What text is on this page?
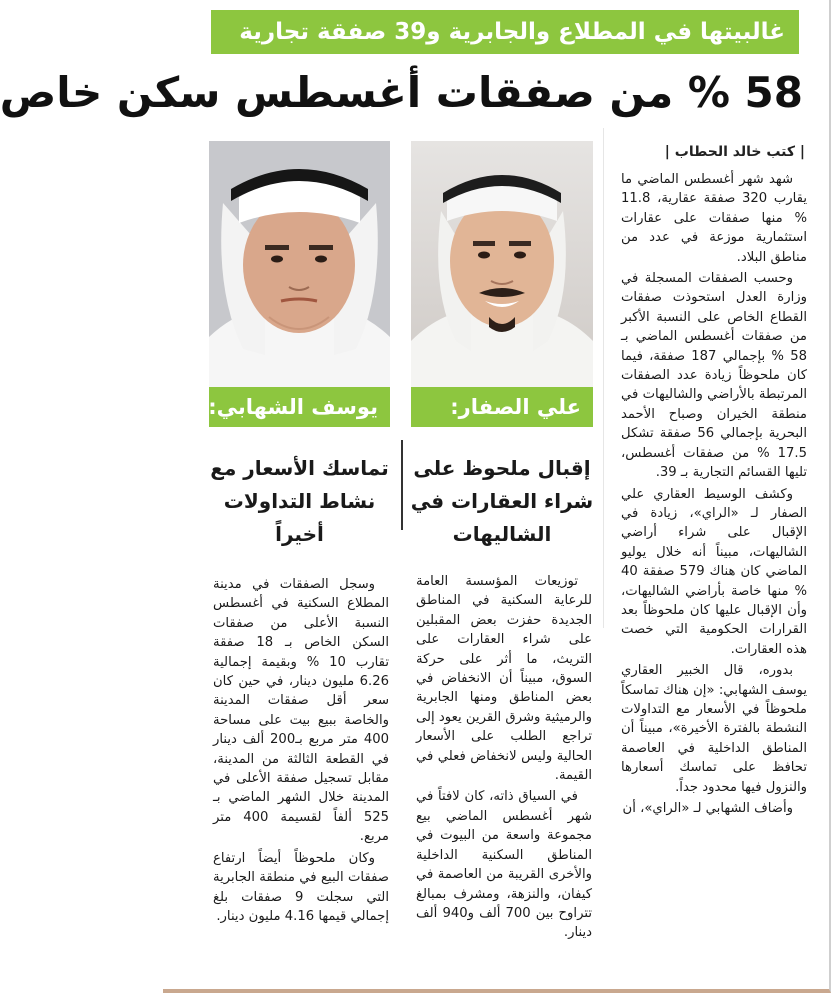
غالبيتها في المطلاع والجابرية و39 صفقة تجارية
58 % من صفقات أغسطس سكن خاص
| كتب خالد الحطاب |

شهد شهر أغسطس الماضي ما يقارب 320 صفقة عقارية، 11.8 % منها صفقات على عقارات استثمارية موزعة في عدد من مناطق البلاد.

وحسب الصفقات المسجلة في وزارة العدل استحوذت صفقات القطاع الخاص على النسبة الأكبر من صفقات أغسطس الماضي بـ 58 % بإجمالي 187 صفقة، فيما كان ملحوظاً زيادة عدد الصفقات المرتبطة بالأراضي والشاليهات في منطقة الخيران وصباح الأحمد البحرية بإجمالي 56 صفقة تشكل 17.5 % من صفقات أغسطس، تليها القسائم التجارية بـ 39.

وكشف الوسيط العقاري علي الصفار لـ «الراي»، زيادة في الإقبال على شراء أراضي الشاليهات، مبيناً أنه خلال يوليو الماضي كان هناك 579 صفقة 40 % منها خاصة بأراضي الشاليهات، وأن الإقبال عليها كان ملحوظاً بعد القرارات الحكومية التي خصت هذه العقارات.

بدوره، قال الخبير العقاري يوسف الشهابي: «إن هناك تماسكاً ملحوظاً في الأسعار مع التداولات النشطة بالفترة الأخيرة»، مبيناً أن المناطق الداخلية في العاصمة تحافظ على تماسك أسعارها والنزول فيها محدود جداً.

وأضاف الشهابي لـ «الراي»، أن

علي الصفار:
يوسف الشهابي:
إقبال ملحوظ على شراء العقارات في الشاليهات
تماسك الأسعار مع نشاط التداولات أخيراً

توزيعات المؤسسة العامة للرعاية السكنية في المناطق الجديدة حفزت بعض المقبلين على شراء العقارات على التريث، ما أثر على حركة السوق، مبيناً أن الانخفاض في بعض المناطق ومنها الجابرية والرميثية وشرق القرين يعود إلى تراجع الطلب على الأسعار الحالية وليس لانخفاض فعلي في القيمة.

في السياق ذاته، كان لافتاً في شهر أغسطس الماضي بيع مجموعة واسعة من البيوت في المناطق السكنية الداخلية والأخرى القريبة من العاصمة في كيفان، والنزهة، ومشرف بمبالغ تتراوح بين 700 ألف و940 ألف دينار.

وسجل الصفقات في مدينة المطلاع السكنية في أغسطس النسبة الأعلى من صفقات السكن الخاص بـ 18 صفقة تقارب 10 % وبقيمة إجمالية 6.26 مليون دينار، في حين كان سعر أقل صفقات المدينة والخاصة ببيع بيت على مساحة 400 متر مربع بـ200 ألف دينار في القطعة الثالثة من المدينة، مقابل تسجيل صفقة الأعلى في المدينة خلال الشهر الماضي بـ 525 ألفاً لقسيمة 400 متر مربع.

وكان ملحوظاً أيضاً ارتفاع صفقات البيع في منطقة الجابرية التي سجلت 9 صفقات بلغ إجمالي قيمها 4.16 مليون دينار.
